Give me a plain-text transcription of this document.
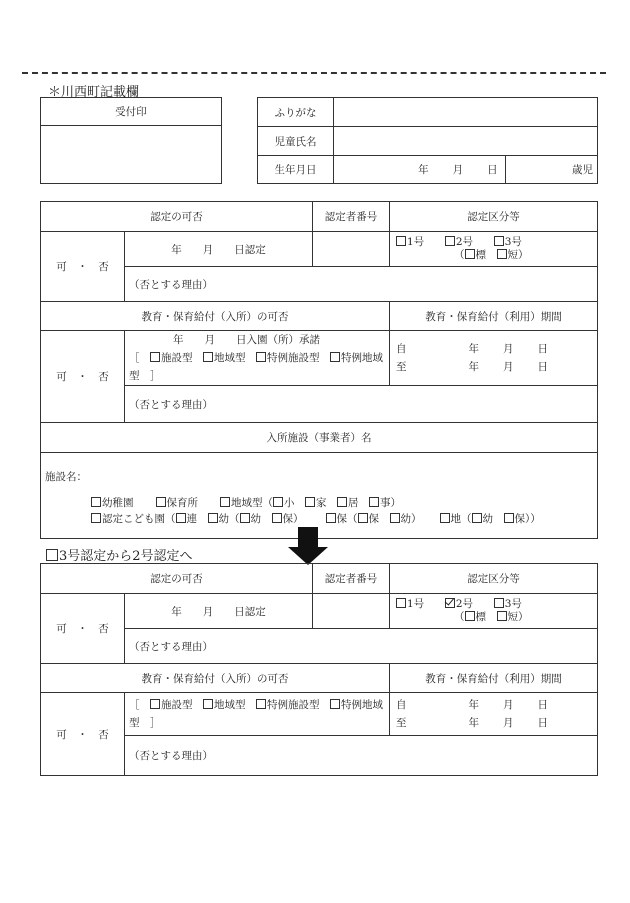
＊川西町記載欄
受付印	ふりがな		
児童氏名		
生年月日	年 月 日	歳児
認定の可否		認定者番号	認定区分等
可　・　否	年　　月　　日認定		1号 2号 3号
（ 標　 短）

	（否とする理由）		
教育・保育給付（入所）の可否			教育・保育給付（利用）期間
可　・　否	年　　月　　日入園（所）承諾
［　施設型　 地域型　 特例施設型　 特例地域型　］		自 年 月 日
至 年 月 日

	（否とする理由）		
入所施設（事業者）名			

施設名：
幼稚園 保育所 地域型（ 小　 家　 居　 事）
認定こども園（ 連　 幼（ 幼　 保） 保（ 保　 幼） 地（ 幼　 保））			
3号認定から2号認定へ
認定の可否		認定者番号	認定区分等
可　・　否	年　　月　　日認定		1号 2号 3号
（ 標　 短）

	（否とする理由）		
教育・保育給付（入所）の可否			教育・保育給付（利用）期間
可　・　否	［　施設型　 地域型　 特例施設型　 特例地域型　］		自 年 月 日
至 年 月 日

	（否とする理由）		
